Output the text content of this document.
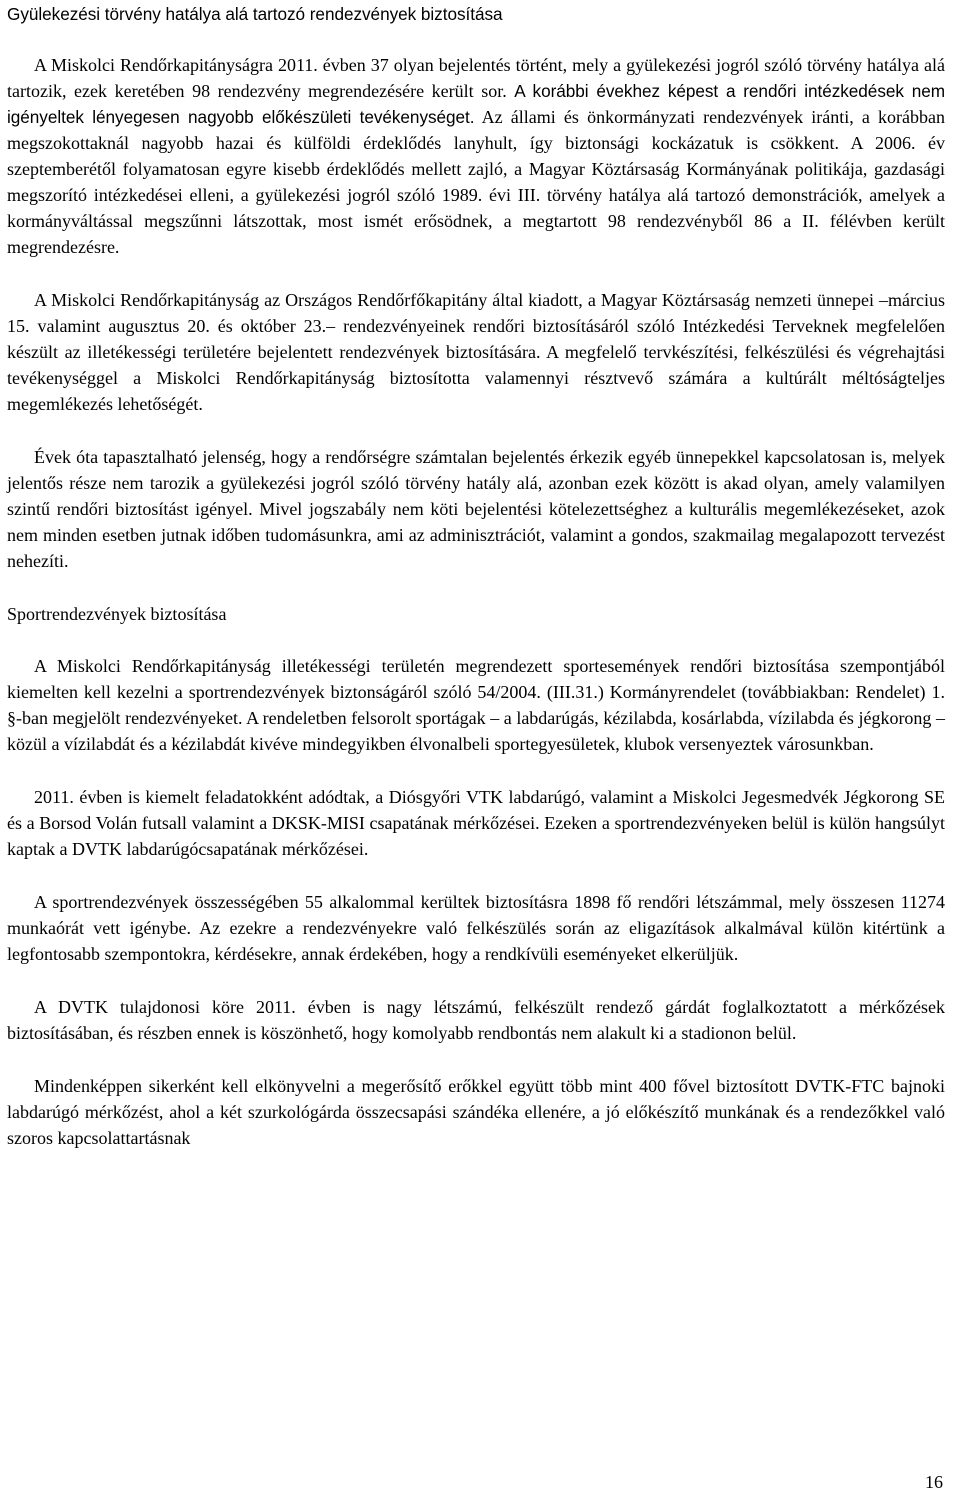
Gyülekezési törvény hatálya alá tartozó rendezvények biztosítása

A Miskolci Rendőrkapitányságra 2011. évben 37 olyan bejelentés történt, mely a gyülekezési jogról szóló törvény hatálya alá tartozik, ezek keretében 98 rendezvény megrendezésére került sor. A korábbi évekhez képest a rendőri intézkedések nem igényeltek lényegesen nagyobb előkészületi tevékenységet. Az állami és önkormányzati rendezvények iránti, a korábban megszokottaknál nagyobb hazai és külföldi érdeklődés lanyhult, így biztonsági kockázatuk is csökkent. A 2006. év szeptemberétől folyamatosan egyre kisebb érdeklődés mellett zajló, a Magyar Köztársaság Kormányának politikája, gazdasági megszorító intézkedései elleni, a gyülekezési jogról szóló 1989. évi III. törvény hatálya alá tartozó demonstrációk, amelyek a kormányváltással megszűnni látszottak, most ismét erősödnek, a megtartott 98 rendezvényből 86 a II. félévben került megrendezésre.

A Miskolci Rendőrkapitányság az Országos Rendőrfőkapitány által kiadott, a Magyar Köztársaság nemzeti ünnepei –március 15. valamint augusztus 20. és október 23.– rendezvényeinek rendőri biztosításáról szóló Intézkedési Terveknek megfelelően készült az illetékességi területére bejelentett rendezvények biztosítására. A megfelelő tervkészítési, felkészülési és végrehajtási tevékenységgel a Miskolci Rendőrkapitányság biztosította valamennyi résztvevő számára a kultúrált méltóságteljes megemlékezés lehetőségét.

Évek óta tapasztalható jelenség, hogy a rendőrségre számtalan bejelentés érkezik egyéb ünnepekkel kapcsolatosan is, melyek jelentős része nem tarozik a gyülekezési jogról szóló törvény hatály alá, azonban ezek között is akad olyan, amely valamilyen szintű rendőri biztosítást igényel. Mivel jogszabály nem köti bejelentési kötelezettséghez a kulturális megemlékezéseket, azok nem minden esetben jutnak időben tudomásunkra, ami az adminisztrációt, valamint a gondos, szakmailag megalapozott tervezést nehezíti.

Sportrendezvények biztosítása

A Miskolci Rendőrkapitányság illetékességi területén megrendezett sportesemények rendőri biztosítása szempontjából kiemelten kell kezelni a sportrendezvények biztonságáról szóló 54/2004. (III.31.) Kormányrendelet (továbbiakban: Rendelet) 1. §-ban megjelölt rendezvényeket. A rendeletben felsorolt sportágak – a labdarúgás, kézilabda, kosárlabda, vízilabda és jégkorong – közül a vízilabdát és a kézilabdát kivéve mindegyikben élvonalbeli sportegyesületek, klubok versenyeztek városunkban.

2011. évben is kiemelt feladatokként adódtak, a Diósgyőri VTK labdarúgó, valamint a Miskolci Jegesmedvék Jégkorong SE és a Borsod Volán futsall valamint a DKSK-MISI csapatának mérkőzései. Ezeken a sportrendezvényeken belül is külön hangsúlyt kaptak a DVTK labdarúgócsapatának mérkőzései.

A sportrendezvények összességében 55 alkalommal kerültek biztosításra 1898 fő rendőri létszámmal, mely összesen 11274 munkaórát vett igénybe. Az ezekre a rendezvényekre való felkészülés során az eligazítások alkalmával külön kitértünk a legfontosabb szempontokra, kérdésekre, annak érdekében, hogy a rendkívüli eseményeket elkerüljük.

A DVTK tulajdonosi köre 2011. évben is nagy létszámú, felkészült rendező gárdát foglalkoztatott a mérkőzések biztosításában, és részben ennek is köszönhető, hogy komolyabb rendbontás nem alakult ki a stadionon belül.

Mindenképpen sikerként kell elkönyvelni a megerősítő erőkkel együtt több mint 400 fővel biztosított DVTK-FTC bajnoki labdarúgó mérkőzést, ahol a két szurkológárda összecsapási szándéka ellenére, a jó előkészítő munkának és a rendezőkkel való szoros kapcsolattartásnak

16
